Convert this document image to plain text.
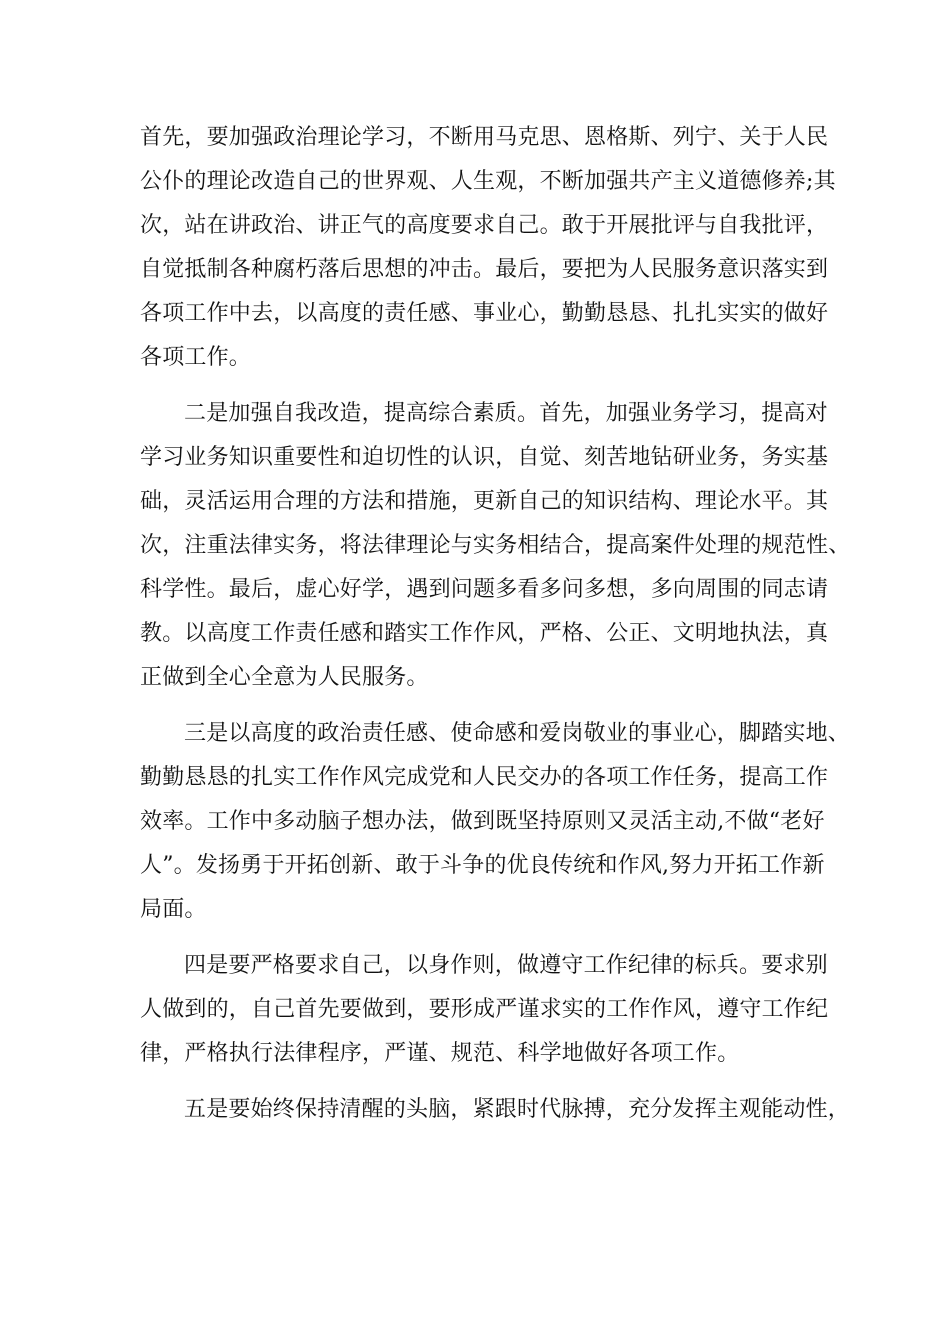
首先，要加强政治理论学习，不断用马克思、恩格斯、列宁、关于人民
公仆的理论改造自己的世界观、人生观，不断加强共产主义道德修养;其
次，站在讲政治、讲正气的高度要求自己。敢于开展批评与自我批评，
自觉抵制各种腐朽落后思想的冲击。最后，要把为人民服务意识落实到
各项工作中去，以高度的责任感、事业心，勤勤恳恳、扎扎实实的做好
各项工作。
二是加强自我改造，提高综合素质。首先，加强业务学习，提高对
学习业务知识重要性和迫切性的认识，自觉、刻苦地钻研业务，务实基
础，灵活运用合理的方法和措施，更新自己的知识结构、理论水平。其
次，注重法律实务，将法律理论与实务相结合，提高案件处理的规范性、
科学性。最后，虚心好学，遇到问题多看多问多想，多向周围的同志请
教。以高度工作责任感和踏实工作作风，严格、公正、文明地执法，真
正做到全心全意为人民服务。
三是以高度的政治责任感、使命感和爱岗敬业的事业心，脚踏实地、
勤勤恳恳的扎实工作作风完成党和人民交办的各项工作任务，提高工作
效率。工作中多动脑子想办法，做到既坚持原则又灵活主动,不做“老好
人”。发扬勇于开拓创新、敢于斗争的优良传统和作风,努力开拓工作新
局面。
四是要严格要求自己，以身作则，做遵守工作纪律的标兵。要求别
人做到的，自己首先要做到，要形成严谨求实的工作作风，遵守工作纪
律，严格执行法律程序，严谨、规范、科学地做好各项工作。
五是要始终保持清醒的头脑，紧跟时代脉搏，充分发挥主观能动性，
